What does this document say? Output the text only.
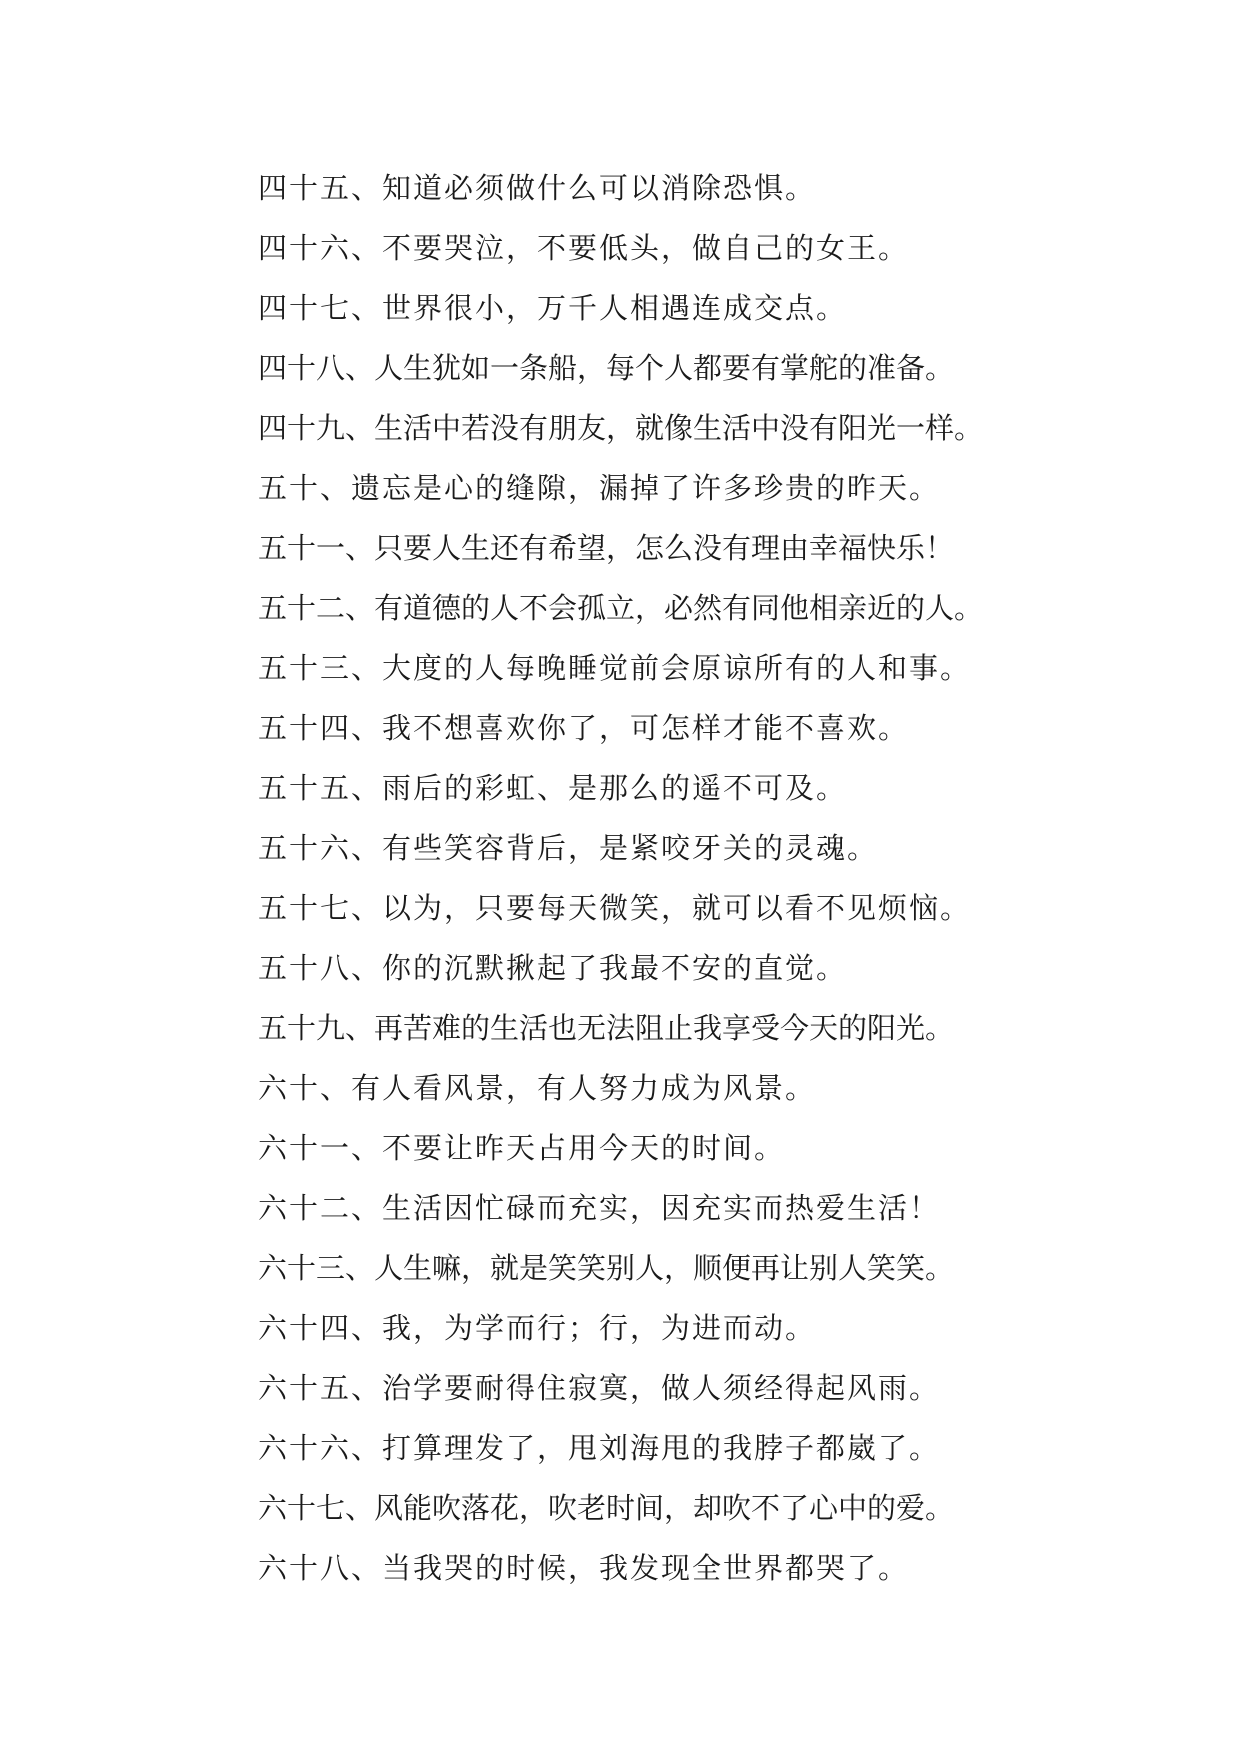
四十五、知道必须做什么可以消除恐惧。
四十六、不要哭泣，不要低头，做自己的女王。
四十七、世界很小，万千人相遇连成交点。
四十八、人生犹如一条船，每个人都要有掌舵的准备。
四十九、生活中若没有朋友，就像生活中没有阳光一样。
五十、遗忘是心的缝隙，漏掉了许多珍贵的昨天。
五十一、只要人生还有希望，怎么没有理由幸福快乐！
五十二、有道德的人不会孤立，必然有同他相亲近的人。
五十三、大度的人每晚睡觉前会原谅所有的人和事。
五十四、我不想喜欢你了，可怎样才能不喜欢。
五十五、雨后的彩虹、是那么的遥不可及。
五十六、有些笑容背后，是紧咬牙关的灵魂。
五十七、以为，只要每天微笑，就可以看不见烦恼。
五十八、你的沉默揪起了我最不安的直觉。
五十九、再苦难的生活也无法阻止我享受今天的阳光。
六十、有人看风景，有人努力成为风景。
六十一、不要让昨天占用今天的时间。
六十二、生活因忙碌而充实，因充实而热爱生活！
六十三、人生嘛，就是笑笑别人，顺便再让别人笑笑。
六十四、我，为学而行；行，为进而动。
六十五、治学要耐得住寂寞，做人须经得起风雨。
六十六、打算理发了，甩刘海甩的我脖子都崴了。
六十七、风能吹落花，吹老时间，却吹不了心中的爱。
六十八、当我哭的时候，我发现全世界都哭了。
